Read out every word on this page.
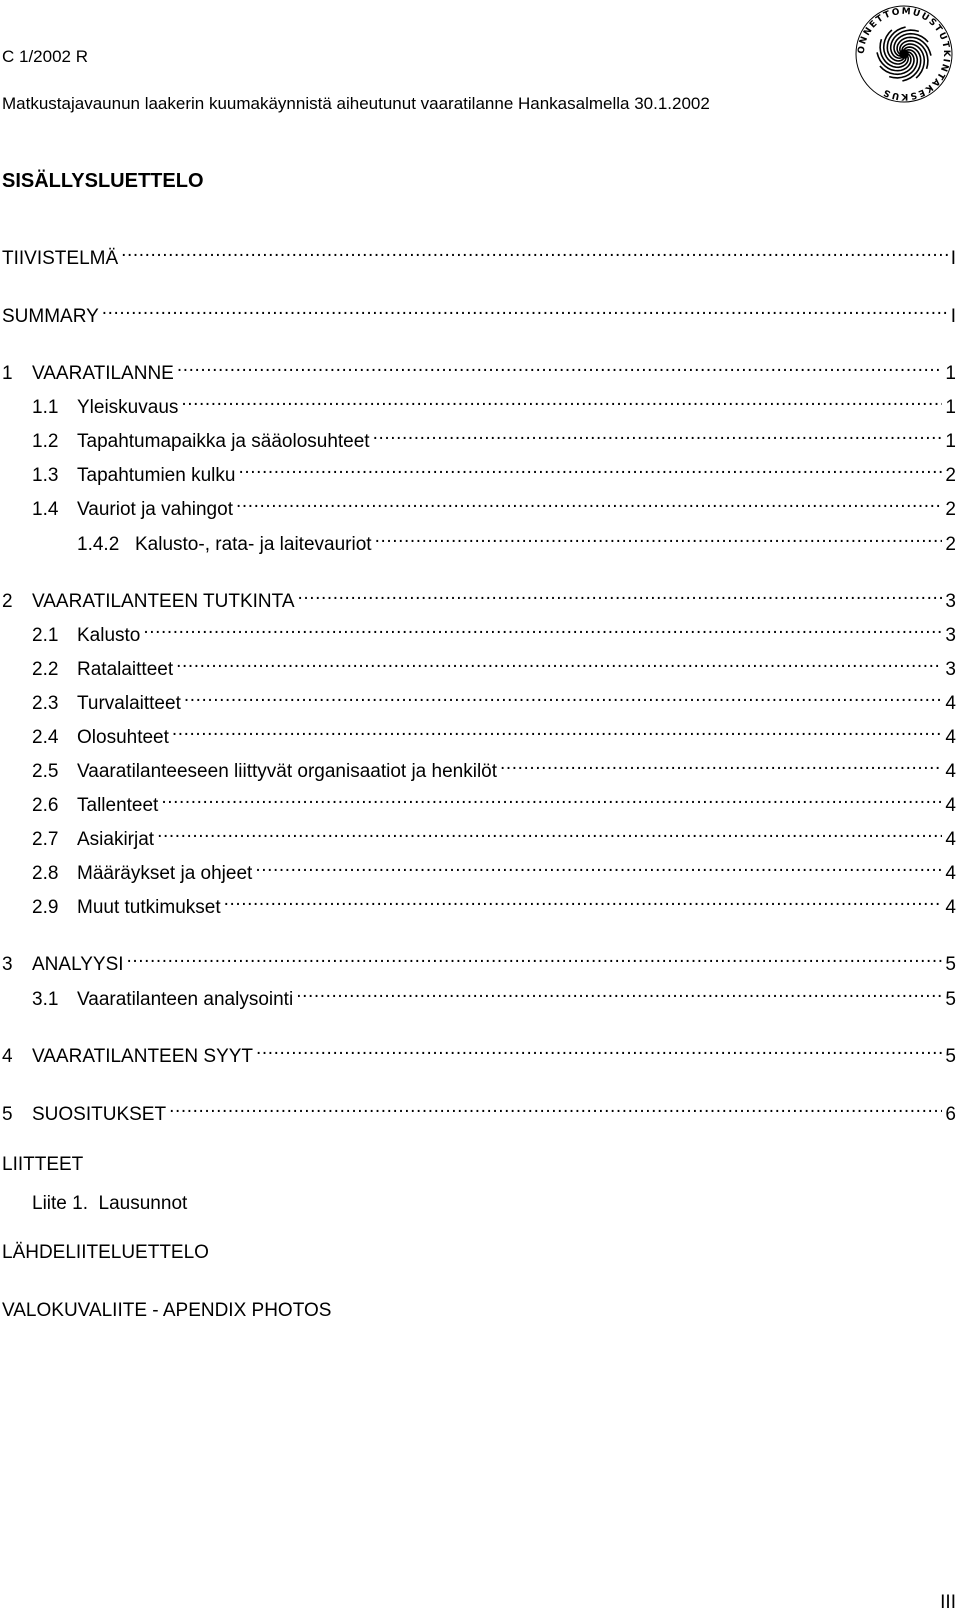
C 1/2002 R
Matkustajavaunun laakerin kuumakäynnistä aiheutunut vaaratilanne Hankasalmella 30.1.2002
ONNETTOMUUSTUTKINTAKESKUS
SISÄLLYSLUETTELO
TIIVISTELMÄ .....	I
SUMMARY .....	I
1	VAARATILANNE .....	1
1.1 Yleiskuvaus .....	1
1.2 Tapahtumapaikka ja sääolosuhteet .....	1
1.3 Tapahtumien kulku .....	2
1.4 Vauriot ja vahingot .....	2
1.4.2 Kalusto-, rata- ja laitevauriot .....	2
2	VAARATILANTEEN TUTKINTA .....	3
2.1 Kalusto .....	3
2.2 Ratalaitteet .....	3
2.3 Turvalaitteet .....	4
2.4 Olosuhteet .....	4
2.5 Vaaratilanteeseen liittyvät organisaatiot ja henkilöt .....	4
2.6 Tallenteet .....	4
2.7 Asiakirjat .....	4
2.8 Määräykset ja ohjeet .....	4
2.9 Muut tutkimukset .....	4
3	ANALYYSI .....	5
3.1 Vaaratilanteen analysointi .....	5
4	VAARATILANTEEN SYYT .....	5
5	SUOSITUKSET .....	6
LIITTEET
Liite 1.  Lausunnot
LÄHDELIITELUETTELO
VALOKUVALIITE - APENDIX PHOTOS
III
